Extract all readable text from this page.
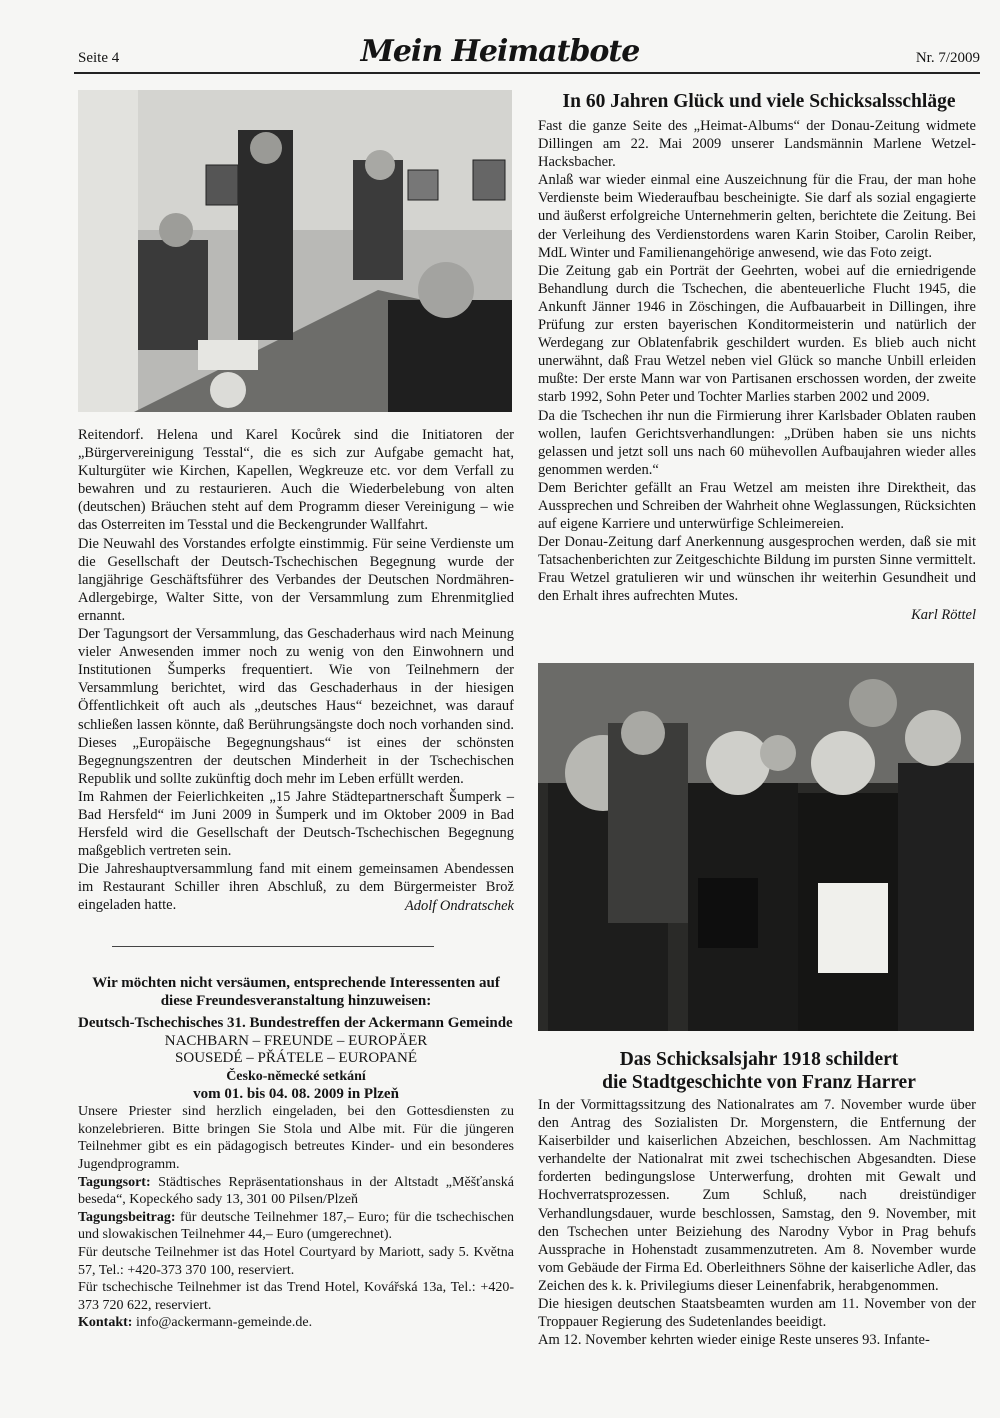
Seite 4	Mein Heimatbote	Nr. 7/2009

Reitendorf. Helena und Karel Kocůrek sind die Initiatoren der „Bürgervereinigung Tesstal“, die es sich zur Aufgabe gemacht hat, Kulturgüter wie Kirchen, Kapellen, Wegkreuze etc. vor dem Verfall zu bewahren und zu restaurieren. Auch die Wiederbelebung von alten (deutschen) Bräuchen steht auf dem Programm dieser Vereinigung – wie das Osterreiten im Tesstal und die Beckengrunder Wallfahrt.

Die Neuwahl des Vorstandes erfolgte einstimmig. Für seine Verdienste um die Gesellschaft der Deutsch-Tschechischen Begegnung wurde der langjährige Geschäftsführer des Verbandes der Deutschen Nordmähren-Adlergebirge, Walter Sitte, von der Versammlung zum Ehrenmitglied ernannt.

Der Tagungsort der Versammlung, das Geschaderhaus wird nach Meinung vieler Anwesenden immer noch zu wenig von den Einwohnern und Institutionen Šumperks frequentiert. Wie von Teilnehmern der Versammlung berichtet, wird das Geschaderhaus in der hiesigen Öffentlichkeit oft auch als „deutsches Haus“ bezeichnet, was darauf schließen lassen könnte, daß Berührungsängste doch noch vorhanden sind. Dieses „Europäische Begegnungshaus“ ist eines der schönsten Begegnungszentren der deutschen Minderheit in der Tschechischen Republik und sollte zukünftig doch mehr im Leben erfüllt werden.

Im Rahmen der Feierlichkeiten „15 Jahre Städtepartnerschaft Šumperk – Bad Hersfeld“ im Juni 2009 in Šumperk und im Oktober 2009 in Bad Hersfeld wird die Gesellschaft der Deutsch-Tschechischen Begegnung maßgeblich vertreten sein.

Die Jahreshauptversammlung fand mit einem gemeinsamen Abendessen im Restaurant Schiller ihren Abschluß, zu dem Bürgermeister Brož eingeladen hatte.	Adolf Ondratschek

Wir möchten nicht versäumen, entsprechende Interessenten auf diese Freundesveranstaltung hinzuweisen:

Deutsch-Tschechisches 31. Bundestreffen der Ackermann Gemeinde

NACHBARN – FREUNDE – EUROPÄER

SOUSEDÉ – PŘÁTELE – EUROPANÉ

Česko-německé setkání

vom 01. bis 04. 08. 2009 in Plzeň

Unsere Priester sind herzlich eingeladen, bei den Gottesdiensten zu konzelebrieren. Bitte bringen Sie Stola und Albe mit. Für die jüngeren Teilnehmer gibt es ein pädagogisch betreutes Kinder- und ein besonderes Jugendprogramm.

Tagungsort: Städtisches Repräsentationshaus in der Altstadt „Měšťanská beseda“, Kopeckého sady 13, 301 00 Pilsen/Plzeň

Tagungsbeitrag: für deutsche Teilnehmer 187,– Euro; für die tschechischen und slowakischen Teilnehmer 44,– Euro (umgerechnet).

Für deutsche Teilnehmer ist das Hotel Courtyard by Mariott, sady 5. Května 57, Tel.: +420-373 370 100, reserviert.

Für tschechische Teilnehmer ist das Trend Hotel, Kovářská 13a, Tel.: +420-373 720 622, reserviert.

Kontakt: info@ackermann-gemeinde.de.

In 60 Jahren Glück und viele Schicksalsschläge

Fast die ganze Seite des „Heimat-Albums“ der Donau-Zeitung widmete Dillingen am 22. Mai 2009 unserer Landsmännin Marlene Wetzel-Hacksbacher.

Anlaß war wieder einmal eine Auszeichnung für die Frau, der man hohe Verdienste beim Wiederaufbau bescheinigte. Sie darf als sozial engagierte und äußerst erfolgreiche Unternehmerin gelten, berichtete die Zeitung. Bei der Verleihung des Verdienstordens waren Karin Stoiber, Carolin Reiber, MdL Winter und Familienangehörige anwesend, wie das Foto zeigt.

Die Zeitung gab ein Porträt der Geehrten, wobei auf die erniedrigende Behandlung durch die Tschechen, die abenteuerliche Flucht 1945, die Ankunft Jänner 1946 in Zöschingen, die Aufbauarbeit in Dillingen, ihre Prüfung zur ersten bayerischen Konditormeisterin und natürlich der Werdegang zur Oblatenfabrik geschildert wurden. Es blieb auch nicht unerwähnt, daß Frau Wetzel neben viel Glück so manche Unbill erleiden mußte: Der erste Mann war von Partisanen erschossen worden, der zweite starb 1992, Sohn Peter und Tochter Marlies starben 2002 und 2009.

Da die Tschechen ihr nun die Firmierung ihrer Karlsbader Oblaten rauben wollen, laufen Gerichtsverhandlungen: „Drüben haben sie uns nichts gelassen und jetzt soll uns nach 60 mühevollen Aufbaujahren wieder alles genommen werden.“

Dem Berichter gefällt an Frau Wetzel am meisten ihre Direktheit, das Aussprechen und Schreiben der Wahrheit ohne Weglassungen, Rücksichten auf eigene Karriere und unterwürfige Schleimereien.

Der Donau-Zeitung darf Anerkennung ausgesprochen werden, daß sie mit Tatsachenberichten zur Zeitgeschichte Bildung im pursten Sinne vermittelt. Frau Wetzel gratulieren wir und wünschen ihr weiterhin Gesundheit und den Erhalt ihres aufrechten Mutes.

Karl Röttel

Das Schicksalsjahr 1918 schildert
die Stadtgeschichte von Franz Harrer

In der Vormittagssitzung des Nationalrates am 7. November wurde über den Antrag des Sozialisten Dr. Morgenstern, die Entfernung der Kaiserbilder und kaiserlichen Abzeichen, beschlossen. Am Nachmittag verhandelte der Nationalrat mit zwei tschechischen Abgesandten. Diese forderten bedingungslose Unterwerfung, drohten mit Gewalt und Hochverratsprozessen. Zum Schluß, nach dreistündiger Verhandlungsdauer, wurde beschlossen, Samstag, den 9. November, mit den Tschechen unter Beiziehung des Narodny Vybor in Prag behufs Aussprache in Hohenstadt zusammenzutreten. Am 8. November wurde vom Gebäude der Firma Ed. Oberleithners Söhne der kaiserliche Adler, das Zeichen des k. k. Privilegiums dieser Leinenfabrik, herabgenommen.

Die hiesigen deutschen Staatsbeamten wurden am 11. November von der Troppauer Regierung des Sudetenlandes beeidigt.

Am 12. November kehrten wieder einige Reste unseres 93. Infante-
